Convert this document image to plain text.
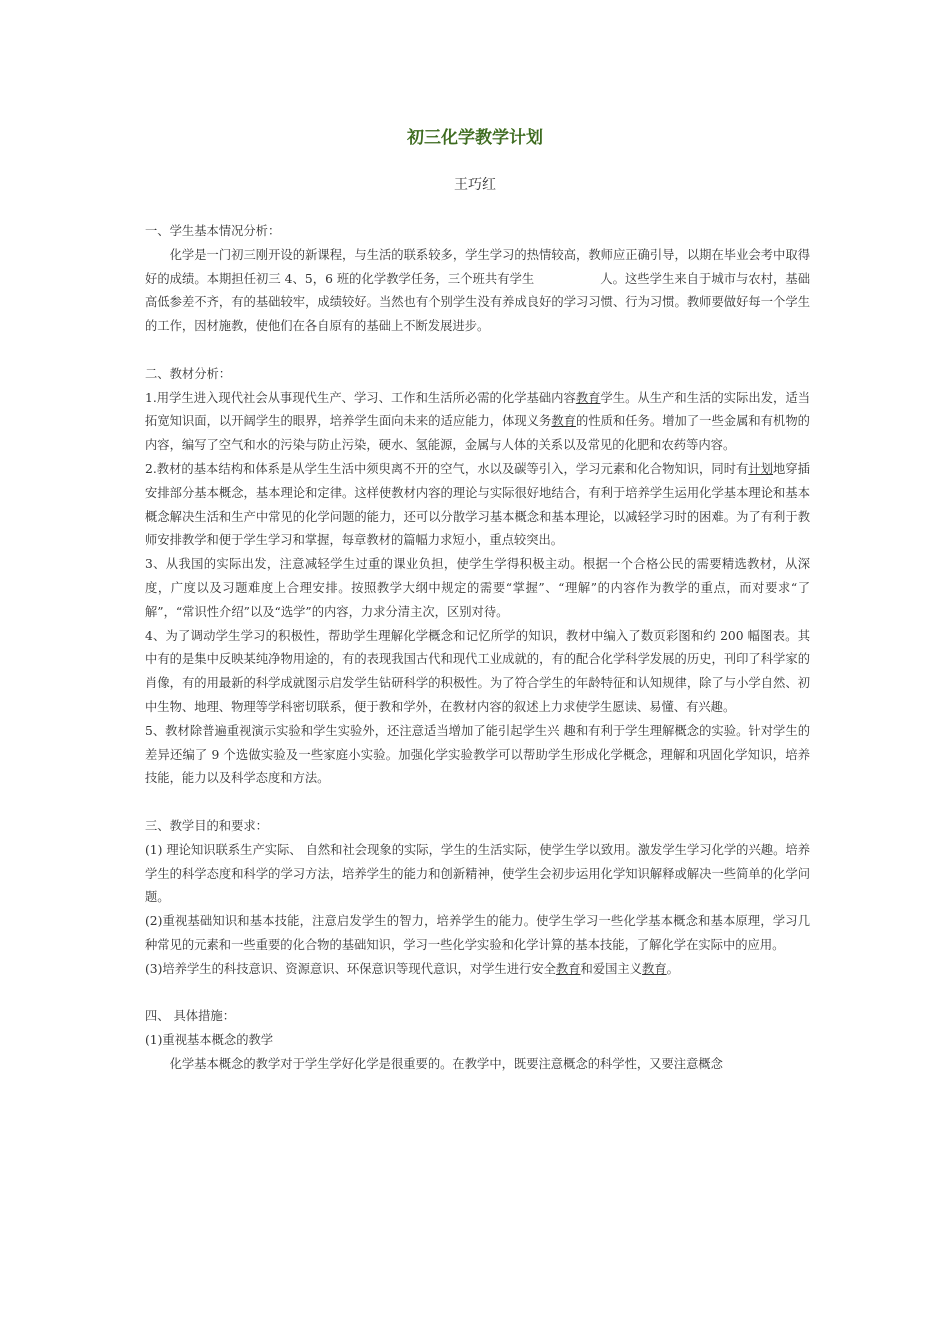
初三化学教学计划
王巧红

一、学生基本情况分析：

化学是一门初三刚开设的新课程，与生活的联系较多，学生学习的热情较高，教师应正确引导，以期在毕业会考中取得好的成绩。本期担任初三 4、5，6 班的化学教学任务，三个班共有学生	人。这些学生来自于城市与农村，基础高低参差不齐，有的基础较牢，成绩较好。当然也有个别学生没有养成良好的学习习惯、行为习惯。教师要做好每一个学生的工作，因材施教，使他们在各自原有的基础上不断发展进步。

二、教材分析：

1.用学生进入现代社会从事现代生产、学习、工作和生活所必需的化学基础内容教育学生。从生产和生活的实际出发，适当拓宽知识面，以开阔学生的眼界，培养学生面向未来的适应能力，体现义务教育的性质和任务。增加了一些金属和有机物的内容，编写了空气和水的污染与防止污染，硬水、氢能源，金属与人体的关系以及常见的化肥和农药等内容。

2.教材的基本结构和体系是从学生生活中须臾离不开的空气，水以及碳等引入，学习元素和化合物知识，同时有计划地穿插安排部分基本概念，基本理论和定律。这样使教材内容的理论与实际很好地结合，有利于培养学生运用化学基本理论和基本概念解决生活和生产中常见的化学问题的能力，还可以分散学习基本概念和基本理论，以减轻学习时的困难。为了有利于教师安排教学和便于学生学习和掌握，每章教材的篇幅力求短小，重点较突出。

3、从我国的实际出发，注意减轻学生过重的课业负担，使学生学得积极主动。根据一个合格公民的需要精选教材，从深度，广度以及习题难度上合理安排。按照教学大纲中规定的需要“掌握”、“理解”的内容作为教学的重点，而对要求“了解”，“常识性介绍”以及“选学”的内容，力求分清主次，区别对待。

4、为了调动学生学习的积极性，帮助学生理解化学概念和记忆所学的知识，教材中编入了数页彩图和约 200 幅图表。其中有的是集中反映某纯净物用途的，有的表现我国古代和现代工业成就的，有的配合化学科学发展的历史，刊印了科学家的肖像，有的用最新的科学成就图示启发学生钻研科学的积极性。为了符合学生的年龄特征和认知规律，除了与小学自然、初中生物、地理、物理等学科密切联系，便于教和学外，在教材内容的叙述上力求使学生愿读、易懂、有兴趣。

5、教材除普遍重视演示实验和学生实验外，还注意适当增加了能引起学生兴 趣和有利于学生理解概念的实验。针对学生的差异还编了 9 个选做实验及一些家庭小实验。加强化学实验教学可以帮助学生形成化学概念，理解和巩固化学知识，培养技能，能力以及科学态度和方法。

三、教学目的和要求：

(1) 理论知识联系生产实际、 自然和社会现象的实际，学生的生活实际，使学生学以致用。激发学生学习化学的兴趣。培养学生的科学态度和科学的学习方法，培养学生的能力和创新精神，使学生会初步运用化学知识解释或解决一些简单的化学问题。

(2)重视基础知识和基本技能，注意启发学生的智力，培养学生的能力。使学生学习一些化学基本概念和基本原理，学习几种常见的元素和一些重要的化合物的基础知识，学习一些化学实验和化学计算的基本技能，了解化学在实际中的应用。

(3)培养学生的科技意识、资源意识、环保意识等现代意识，对学生进行安全教育和爱国主义教育。

四、 具体措施：

(1)重视基本概念的教学

化学基本概念的教学对于学生学好化学是很重要的。在教学中，既要注意概念的科学性，又要注意概念
